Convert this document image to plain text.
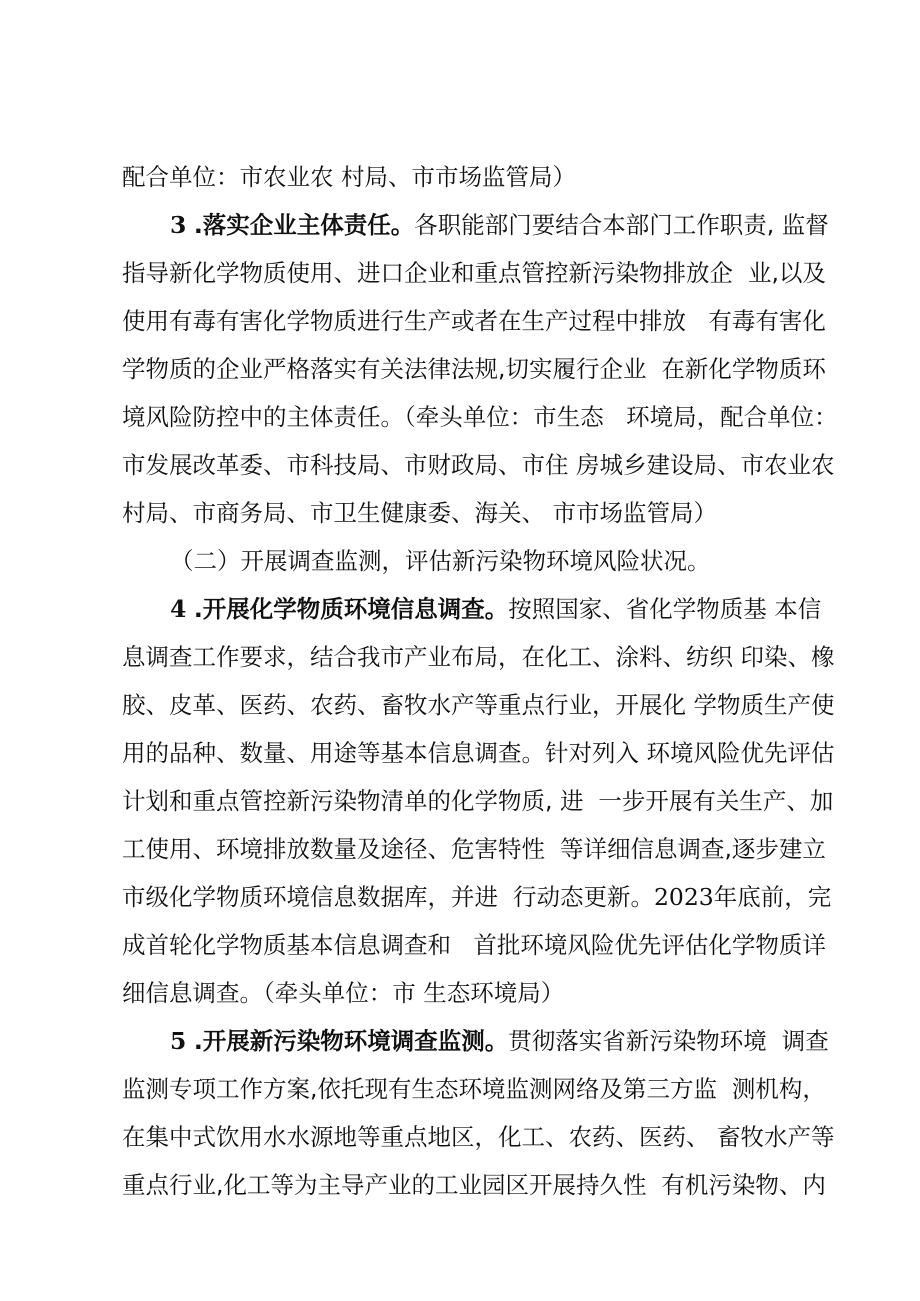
配合单位：市农业农 村局、市市场监管局）
3 .落实企业主体责任。各职能部门要结合本部门工作职责, 监督
指导新化学物质使用、进口企业和重点管控新污染物排放企  业,以及
使用有毒有害化学物质进行生产或者在生产过程中排放   有毒有害化
学物质的企业严格落实有关法律法规,切实履行企业  在新化学物质环
境风险防控中的主体责任。（牵头单位：市生态   环境局，配合单位：
市发展改革委、市科技局、市财政局、市住 房城乡建设局、市农业农
村局、市商务局、市卫生健康委、海关、 市市场监管局）
（二）开展调查监测，评估新污染物环境风险状况。
4 .开展化学物质环境信息调查。按照国家、省化学物质基 本信
息调查工作要求，结合我市产业布局，在化工、涂料、纺织 印染、橡
胶、皮革、医药、农药、畜牧水产等重点行业，开展化 学物质生产使
用的品种、数量、用途等基本信息调查。针对列入 环境风险优先评估
计划和重点管控新污染物清单的化学物质, 进  一步开展有关生产、加
工使用、环境排放数量及途径、危害特性  等详细信息调查,逐步建立
市级化学物质环境信息数据库，并进  行动态更新。2023年底前，完
成首轮化学物质基本信息调查和   首批环境风险优先评估化学物质详
细信息调查。（牵头单位：市 生态环境局）
5 .开展新污染物环境调查监测。贯彻落实省新污染物环境  调查
监测专项工作方案,依托现有生态环境监测网络及第三方监  测机构，
在集中式饮用水水源地等重点地区，化工、农药、医药、 畜牧水产等
重点行业,化工等为主导产业的工业园区开展持久性  有机污染物、内
